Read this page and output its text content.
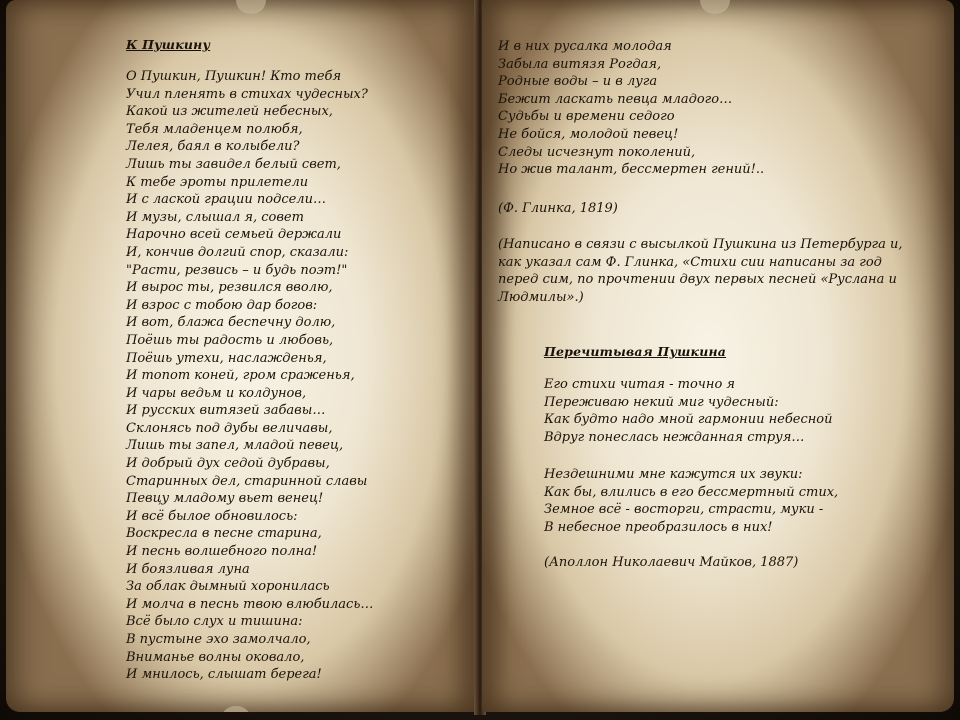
К Пушкину
О Пушкин, Пушкин! Кто тебя
Учил пленять в стихах чудесных?
Какой из жителей небесных,
Тебя младенцем полюбя,
Лелея, баял в колыбели?
Лишь ты завидел белый свет,
К тебе эроты прилетели
И с лаской грации подсели…
И музы, слышал я, совет
Нарочно всей семьей держали
И, кончив долгий спор, сказали:
"Расти, резвись – и будь поэт!"
И вырос ты, резвился вволю,
И взрос с тобою дар богов:
И вот, блажа беспечну долю,
Поёшь ты радость и любовь,
Поёшь утехи, наслажденья,
И топот коней, гром сраженья,
И чары ведьм и колдунов,
И русских витязей забавы…
Склонясь под дубы величавы,
Лишь ты запел, младой певец,
И добрый дух седой дубравы,
Старинных дел, старинной славы
Певцу младому вьет венец!
И всё былое обновилось:
Воскресла в песне старина,
И песнь волшебного полна!
И боязливая луна
За облак дымный хоронилась
И молча в песнь твою влюбилась…
Всё было слух и тишина:
В пустыне эхо замолчало,
Вниманье волны оковало,
И мнилось, слышат берега!
И в них русалка молодая
Забыла витязя Рогдая,
Родные воды – и в луга
Бежит ласкать певца младого…
Судьбы и времени седого
Не бойся, молодой певец!
Следы исчезнут поколений,
Но жив талант, бессмертен гений!..
(Ф. Глинка, 1819)
(Написано в связи с высылкой Пушкина из Петербурга и, как указал сам Ф. Глинка, «Стихи сии написаны за год перед сим, по прочтении двух первых песней «Руслана и Людмилы».)
Перечитывая Пушкина
Его стихи читая - точно я
Переживаю некий миг чудесный:
Как будто надо мной гармонии небесной
Вдруг понеслась нежданная струя…
Нездешними мне кажутся их звуки:
Как бы, влились в его бессмертный стих,
Земное всё - восторги, страсти, муки -
В небесное преобразилось в них!
(Аполлон Николаевич Майков, 1887)
